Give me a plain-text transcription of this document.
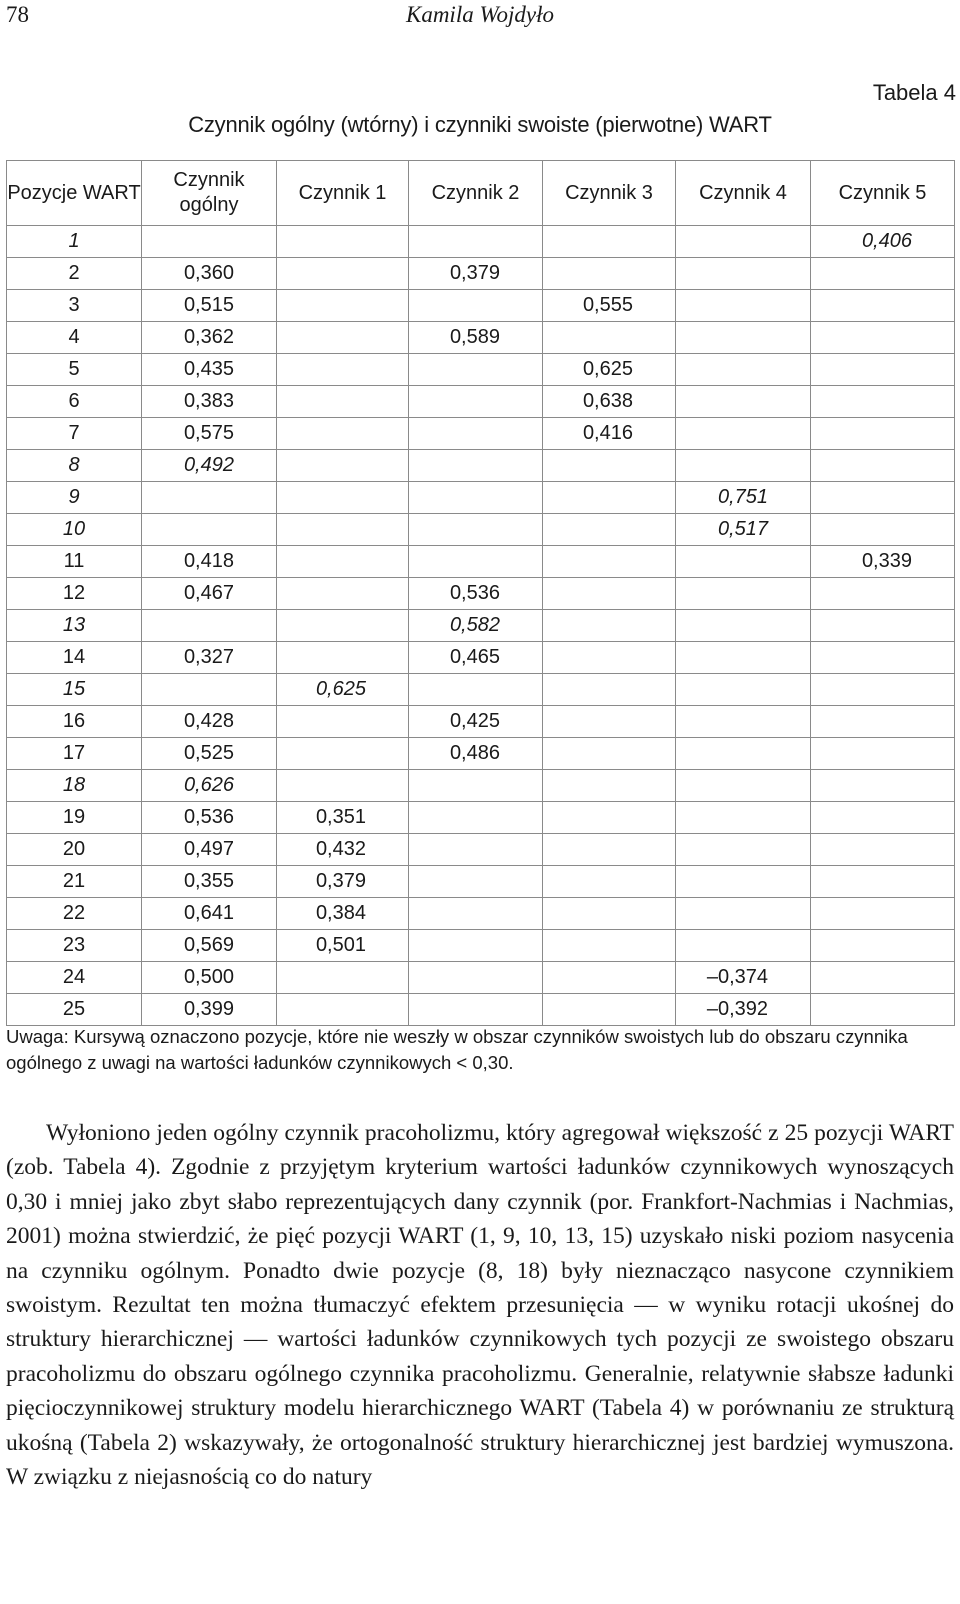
78	Kamila Wojdyło
Tabela 4
Czynnik ogólny (wtórny) i czynniki swoiste (pierwotne) WART
Pozycje WART	Czynnik ogólny	Czynnik 1	Czynnik 2	Czynnik 3	Czynnik 4	Czynnik 5
1						0,406
2	0,360		0,379			
3	0,515			0,555		
4	0,362		0,589			
5	0,435			0,625		
6	0,383			0,638		
7	0,575			0,416		
8	0,492					
9					0,751	
10					0,517	
11	0,418					0,339
12	0,467		0,536			
13			0,582			
14	0,327		0,465			
15		0,625				
16	0,428		0,425			
17	0,525		0,486			
18	0,626					
19	0,536	0,351				
20	0,497	0,432				
21	0,355	0,379				
22	0,641	0,384				
23	0,569	0,501				
24	0,500				–0,374	
25	0,399				–0,392	
Uwaga: Kursywą oznaczono pozycje, które nie weszły w obszar czynników swoistych lub do obszaru czynnika ogólnego z uwagi na wartości ładunków czynnikowych < 0,30.

Wyłoniono jeden ogólny czynnik pracoholizmu, który agregował większość z 25 pozycji WART (zob. Tabela 4). Zgodnie z przyjętym kryterium wartości ładunków czynnikowych wynoszących 0,30 i mniej jako zbyt słabo reprezentujących dany czynnik (por. Frankfort-Nachmias i Nachmias, 2001) można stwierdzić, że pięć pozycji WART (1, 9, 10, 13, 15) uzyskało niski poziom nasycenia na czynniku ogólnym. Ponadto dwie pozycje (8, 18) były nieznacząco nasycone czynnikiem swoistym. Rezultat ten można tłumaczyć efektem przesunięcia — w wyniku rotacji ukośnej do struktury hierarchicznej — wartości ładunków czynnikowych tych pozycji ze swoistego obszaru pracoholizmu do obszaru ogólnego czynnika pracoholizmu. Generalnie, relatywnie słabsze ładunki pięcioczynnikowej struktury modelu hierarchicznego WART (Tabela 4) w porównaniu ze strukturą ukośną (Tabela 2) wskazywały, że ortogonalność struktury hierarchicznej jest bardziej wymuszona. W związku z niejasnością co do natury
